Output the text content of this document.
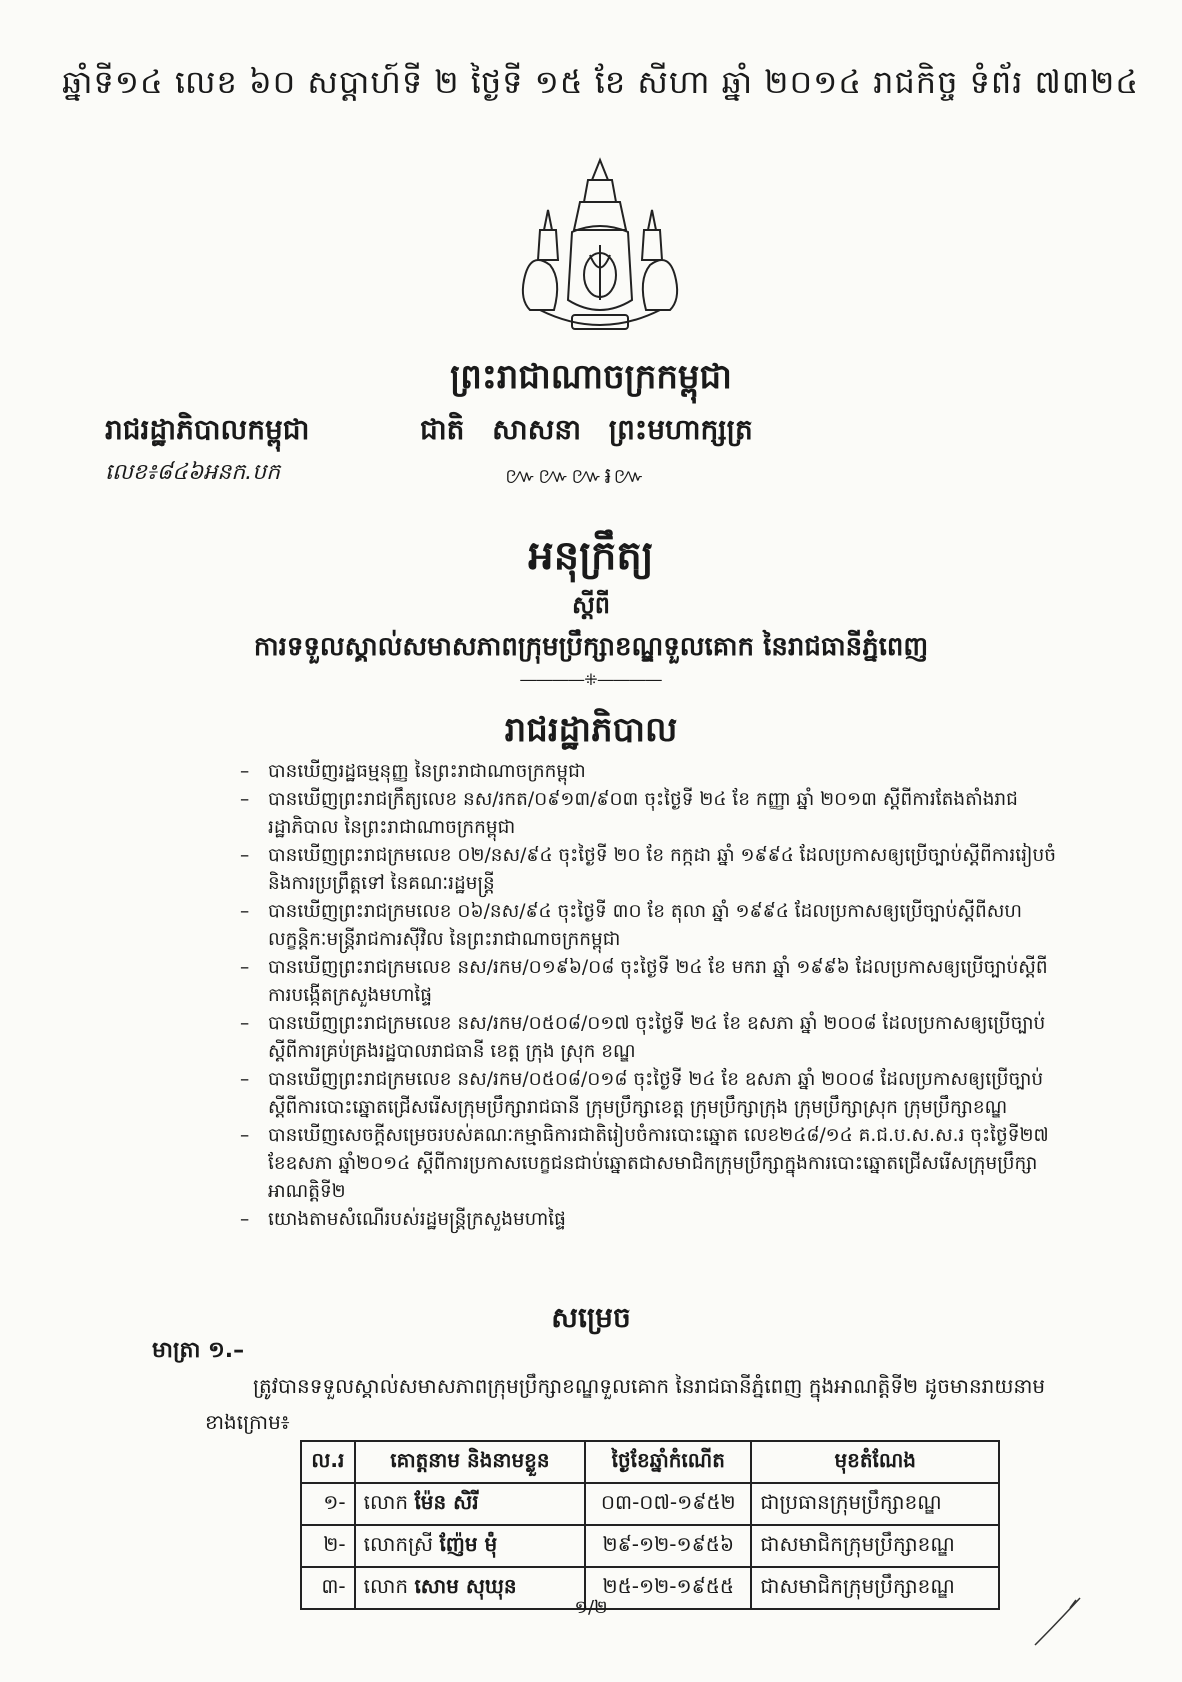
ឆ្នាំទី១៤ លេខ ៦០ សប្តាហ៍ទី ២ ថ្ងៃទី ១៥ ខែ សីហា ឆ្នាំ ២០១៤ រាជកិច្ច ទំព័រ ៧៣២៤
ព្រះរាជាណាចក្រកម្ពុជា
រាជរដ្ឋាភិបាលកម្ពុជា	ជាតិ សាសនា ព្រះមហាក្សត្រ
លេខ៖៨៤៦អនក.បក	៚៚៚៛៚
អនុក្រឹត្យ
ស្តីពី
ការទទួលស្គាល់សមាសភាពក្រុមប្រឹក្សាខណ្ឌទួលគោក នៃរាជធានីភ្នំពេញ
――――⁜――――
រាជរដ្ឋាភិបាល

– បានឃើញរដ្ឋធម្មនុញ្ញ នៃព្រះរាជាណាចក្រកម្ពុជា

– បានឃើញព្រះរាជក្រឹត្យលេខ នស/រកត/០៩១៣/៩០៣ ចុះថ្ងៃទី ២៤ ខែ កញ្ញា ឆ្នាំ ២០១៣ ស្តីពីការតែងតាំងរាជរដ្ឋាភិបាល នៃព្រះរាជាណាចក្រកម្ពុជា

– បានឃើញព្រះរាជក្រមលេខ ០២/នស/៩៤ ចុះថ្ងៃទី ២០ ខែ កក្កដា ឆ្នាំ ១៩៩៤ ដែលប្រកាសឲ្យប្រើច្បាប់ស្តីពីការរៀបចំ និងការប្រព្រឹត្តទៅ នៃគណៈរដ្ឋមន្ត្រី

– បានឃើញព្រះរាជក្រមលេខ ០៦/នស/៩៤ ចុះថ្ងៃទី ៣០ ខែ តុលា ឆ្នាំ ១៩៩៤ ដែលប្រកាសឲ្យប្រើច្បាប់ស្តីពីសហលក្ខន្តិកៈមន្ត្រីរាជការស៊ីវិល នៃព្រះរាជាណាចក្រកម្ពុជា

– បានឃើញព្រះរាជក្រមលេខ នស/រកម/០១៩៦/០៨ ចុះថ្ងៃទី ២៤ ខែ មករា ឆ្នាំ ១៩៩៦ ដែលប្រកាសឲ្យប្រើច្បាប់ស្តីពីការបង្កើតក្រសួងមហាផ្ទៃ

– បានឃើញព្រះរាជក្រមលេខ នស/រកម/០៥០៨/០១៧ ចុះថ្ងៃទី ២៤ ខែ ឧសភា ឆ្នាំ ២០០៨ ដែលប្រកាសឲ្យប្រើច្បាប់ស្តីពីការគ្រប់គ្រងរដ្ឋបាលរាជធានី ខេត្ត ក្រុង ស្រុក ខណ្ឌ

– បានឃើញព្រះរាជក្រមលេខ នស/រកម/០៥០៨/០១៨ ចុះថ្ងៃទី ២៤ ខែ ឧសភា ឆ្នាំ ២០០៨ ដែលប្រកាសឲ្យប្រើច្បាប់ស្តីពីការបោះឆ្នោតជ្រើសរើសក្រុមប្រឹក្សារាជធានី ក្រុមប្រឹក្សាខេត្ត ក្រុមប្រឹក្សាក្រុង ក្រុមប្រឹក្សាស្រុក ក្រុមប្រឹក្សាខណ្ឌ

– បានឃើញសេចក្តីសម្រេចរបស់គណៈកម្មាធិការជាតិរៀបចំការបោះឆ្នោត លេខ២៤៨/១៤ គ.ជ.ប.ស.ស.រ ចុះថ្ងៃទី២៧ ខែឧសភា ឆ្នាំ២០១៤ ស្តីពីការប្រកាសបេក្ខជនជាប់ឆ្នោតជាសមាជិកក្រុមប្រឹក្សាក្នុងការបោះឆ្នោតជ្រើសរើសក្រុមប្រឹក្សា អាណត្តិទី២

– យោងតាមសំណើរបស់រដ្ឋមន្ត្រីក្រសួងមហាផ្ទៃ

សម្រេច
មាត្រា ១.–
ត្រូវបានទទួលស្គាល់សមាសភាពក្រុមប្រឹក្សាខណ្ឌទួលគោក នៃរាជធានីភ្នំពេញ ក្នុងអាណត្តិទី២ ដូចមានរាយនាមខាងក្រោម៖
ល.រ	គោត្តនាម និងនាមខ្លួន	ថ្ងៃខែឆ្នាំកំណើត	មុខតំណែង
១-	លោក ម៉ែន សិរី	០៣-០៧-១៩៥២	ជាប្រធានក្រុមប្រឹក្សាខណ្ឌ
២-	លោកស្រី ញ៉ែម ម៉ុំ	២៩-១២-១៩៥៦	ជាសមាជិកក្រុមប្រឹក្សាខណ្ឌ
៣-	លោក សោម សុឃុន	២៥-១២-១៩៥៥	ជាសមាជិកក្រុមប្រឹក្សាខណ្ឌ
១/២
